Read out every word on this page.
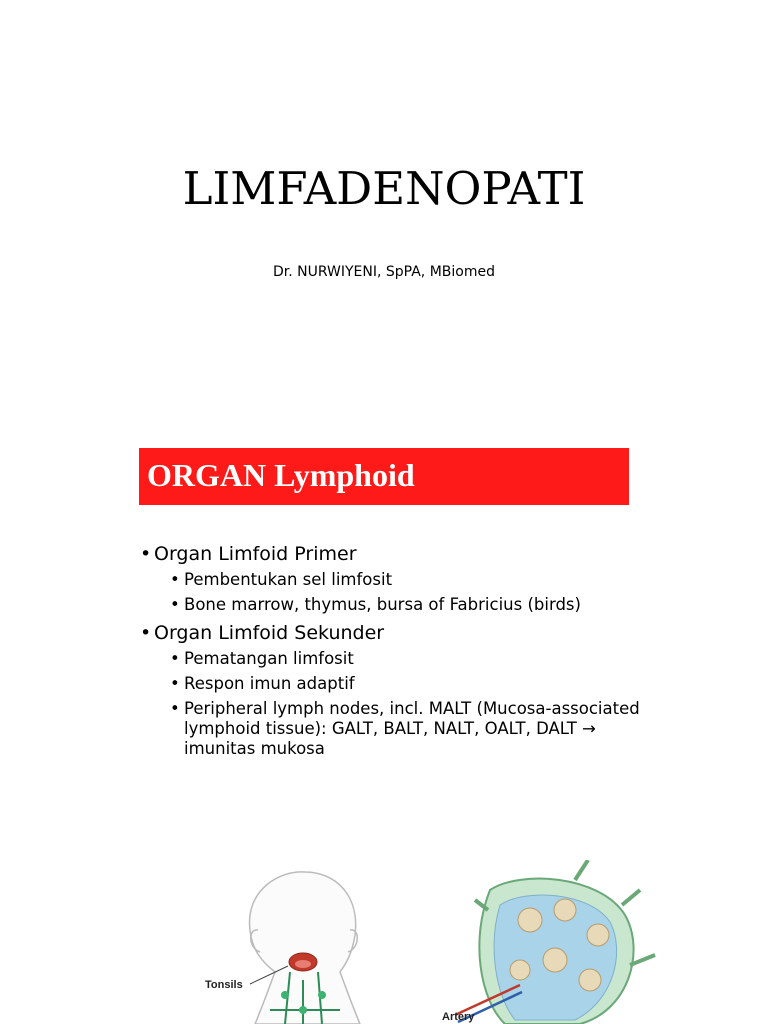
LIMFADENOPATI
Dr. NURWIYENI, SpPA, MBiomed
ORGAN Lymphoid
• Organ Limfoid Primer
• Pembentukan sel limfosit
• Bone marrow, thymus, bursa of Fabricius (birds)
• Organ Limfoid Sekunder
• Pematangan limfosit
• Respon imun adaptif
• Peripheral lymph nodes, incl. MALT (Mucosa-associated lymphoid tissue): GALT, BALT, NALT, OALT, DALT → imunitas mukosa
Tonsils
Artery
